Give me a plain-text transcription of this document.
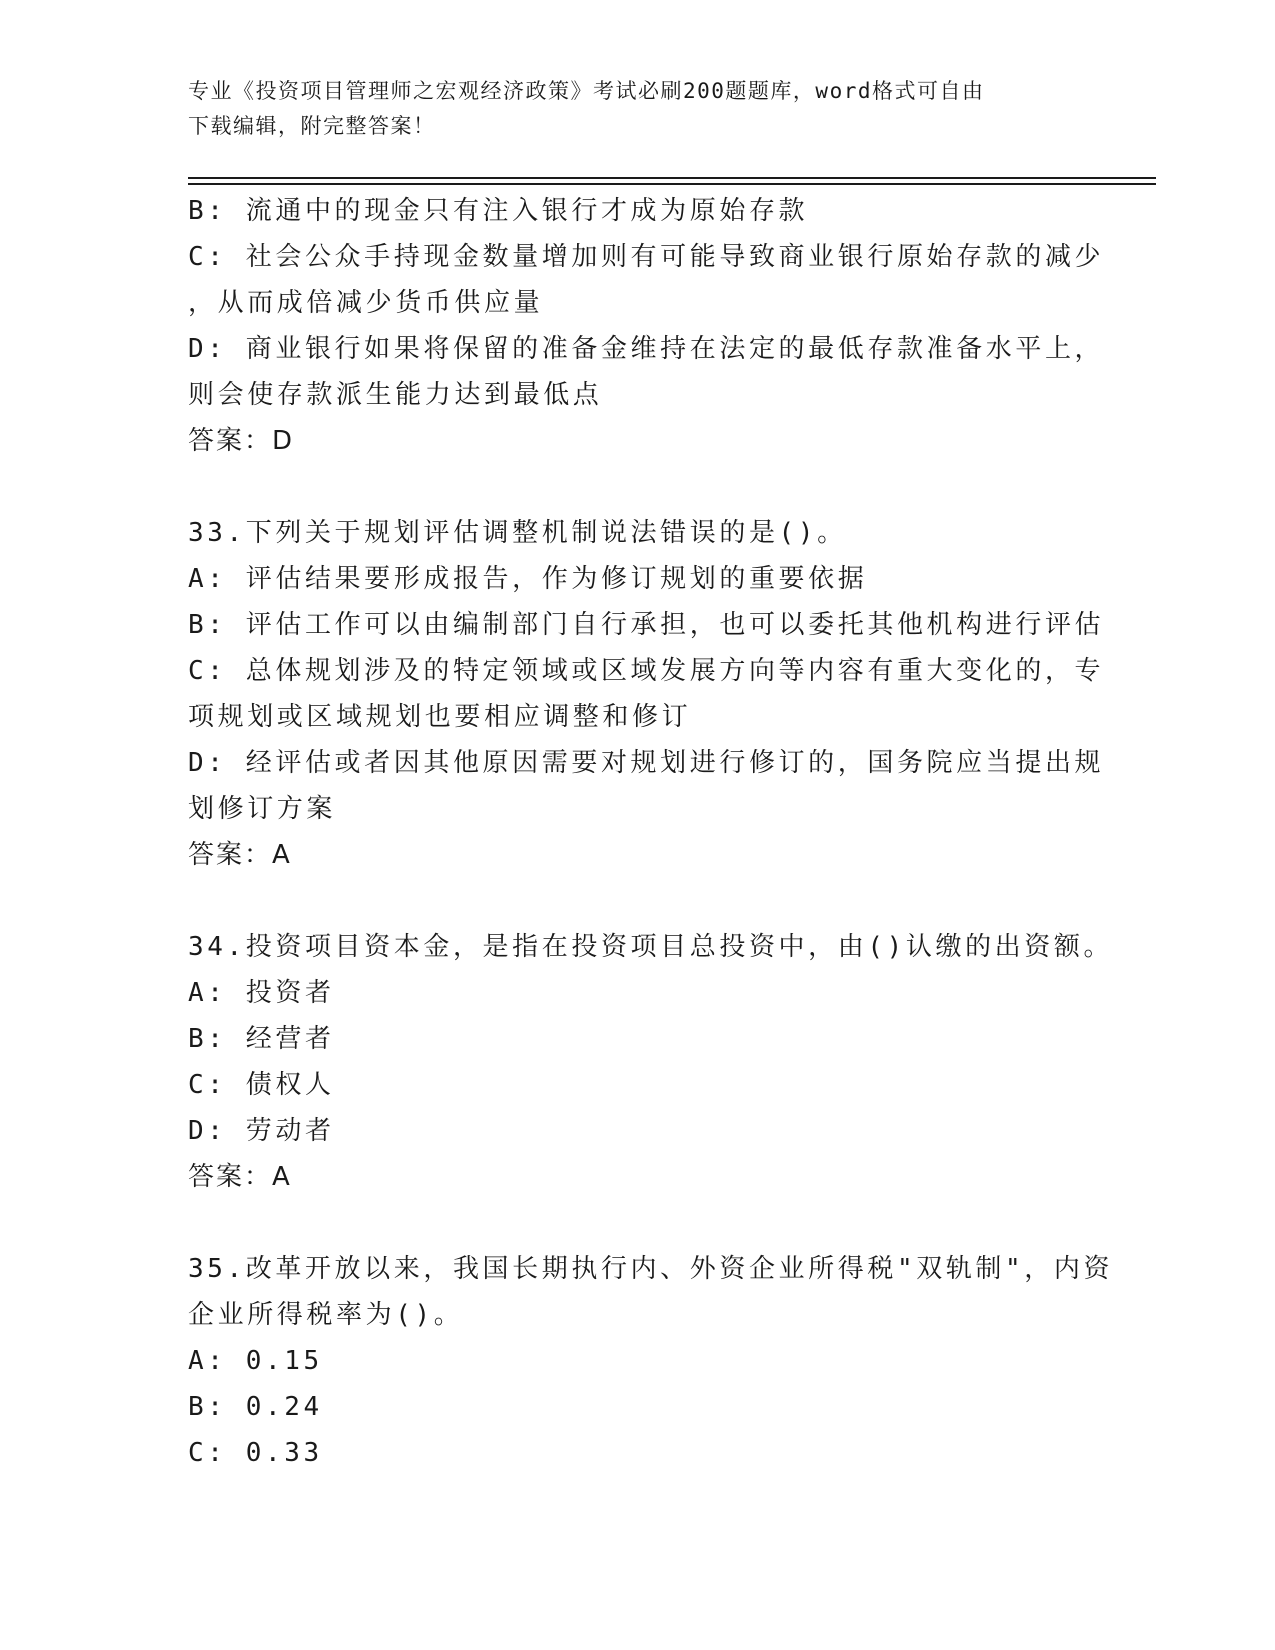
专业《投资项目管理师之宏观经济政策》考试必刷200题题库，word格式可自由
下载编辑，附完整答案！
B: 流通中的现金只有注入银行才成为原始存款
C: 社会公众手持现金数量增加则有可能导致商业银行原始存款的减少
，从而成倍减少货币供应量
D: 商业银行如果将保留的准备金维持在法定的最低存款准备水平上，
则会使存款派生能力达到最低点
答案：D
33.下列关于规划评估调整机制说法错误的是()。
A: 评估结果要形成报告，作为修订规划的重要依据
B: 评估工作可以由编制部门自行承担，也可以委托其他机构进行评估
C: 总体规划涉及的特定领域或区域发展方向等内容有重大变化的，专
项规划或区域规划也要相应调整和修订
D: 经评估或者因其他原因需要对规划进行修订的，国务院应当提出规
划修订方案
答案：A
34.投资项目资本金，是指在投资项目总投资中，由()认缴的出资额。
A: 投资者
B: 经营者
C: 债权人
D: 劳动者
答案：A
35.改革开放以来，我国长期执行内、外资企业所得税"双轨制"，内资
企业所得税率为()。
A: 0.15
B: 0.24
C: 0.33
